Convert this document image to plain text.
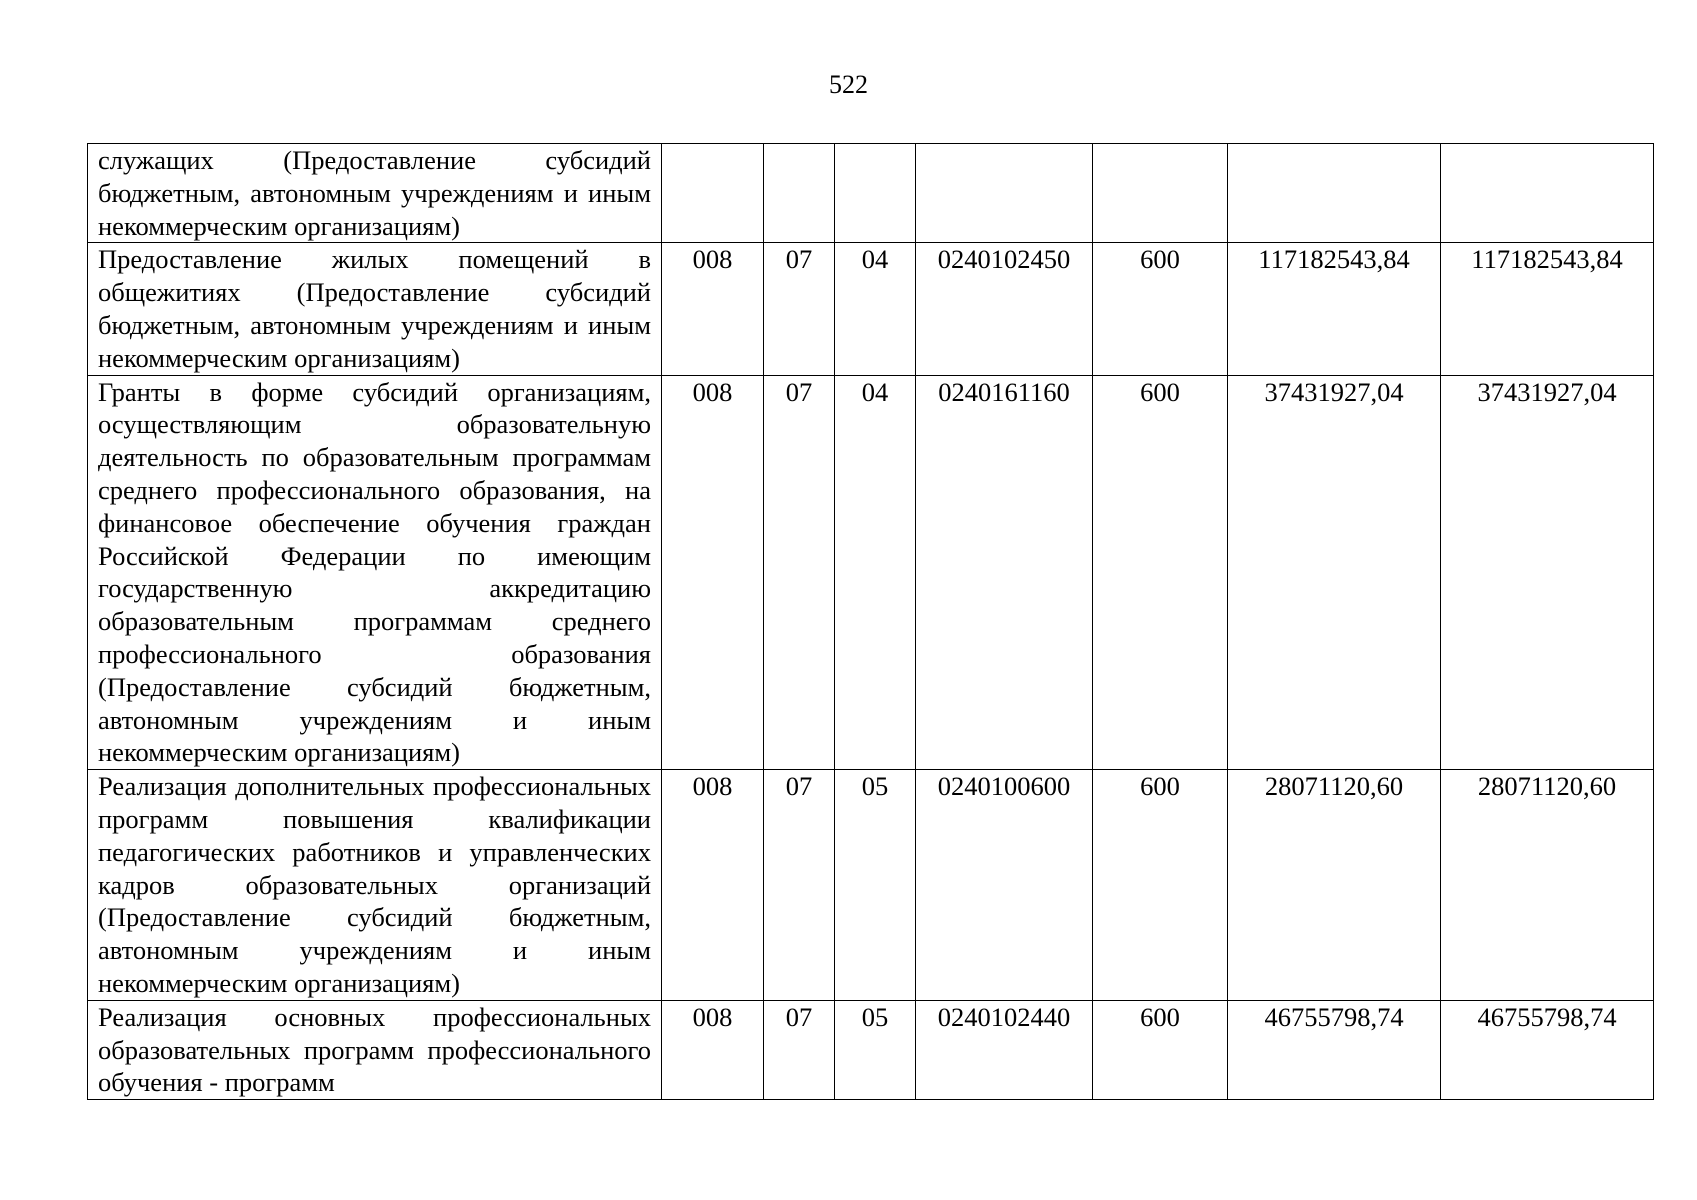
522
служащих (Предоставление субсидий бюджетным, автономным учреждениям и иным некоммерческим организациям)							
Предоставление жилых помещений в общежитиях (Предоставление субсидий бюджетным, автономным учреждениям и иным некоммерческим организациям)	008	07	04	0240102450	600	117182543,84	117182543,84
Гранты в форме субсидий организациям, осуществляющим образовательную деятельность по образовательным программам среднего профессионального образования, на финансовое обеспечение обучения граждан Российской Федерации по имеющим государственную аккредитацию образовательным программам среднего профессионального образования (Предоставление субсидий бюджетным, автономным учреждениям и иным некоммерческим организациям)	008	07	04	0240161160	600	37431927,04	37431927,04
Реализация дополнительных профессиональных программ повышения квалификации педагогических работников и управленческих кадров образовательных организаций (Предоставление субсидий бюджетным, автономным учреждениям и иным некоммерческим организациям)	008	07	05	0240100600	600	28071120,60	28071120,60
Реализация основных профессиональных образовательных программ профессионального обучения - программ	008	07	05	0240102440	600	46755798,74	46755798,74
